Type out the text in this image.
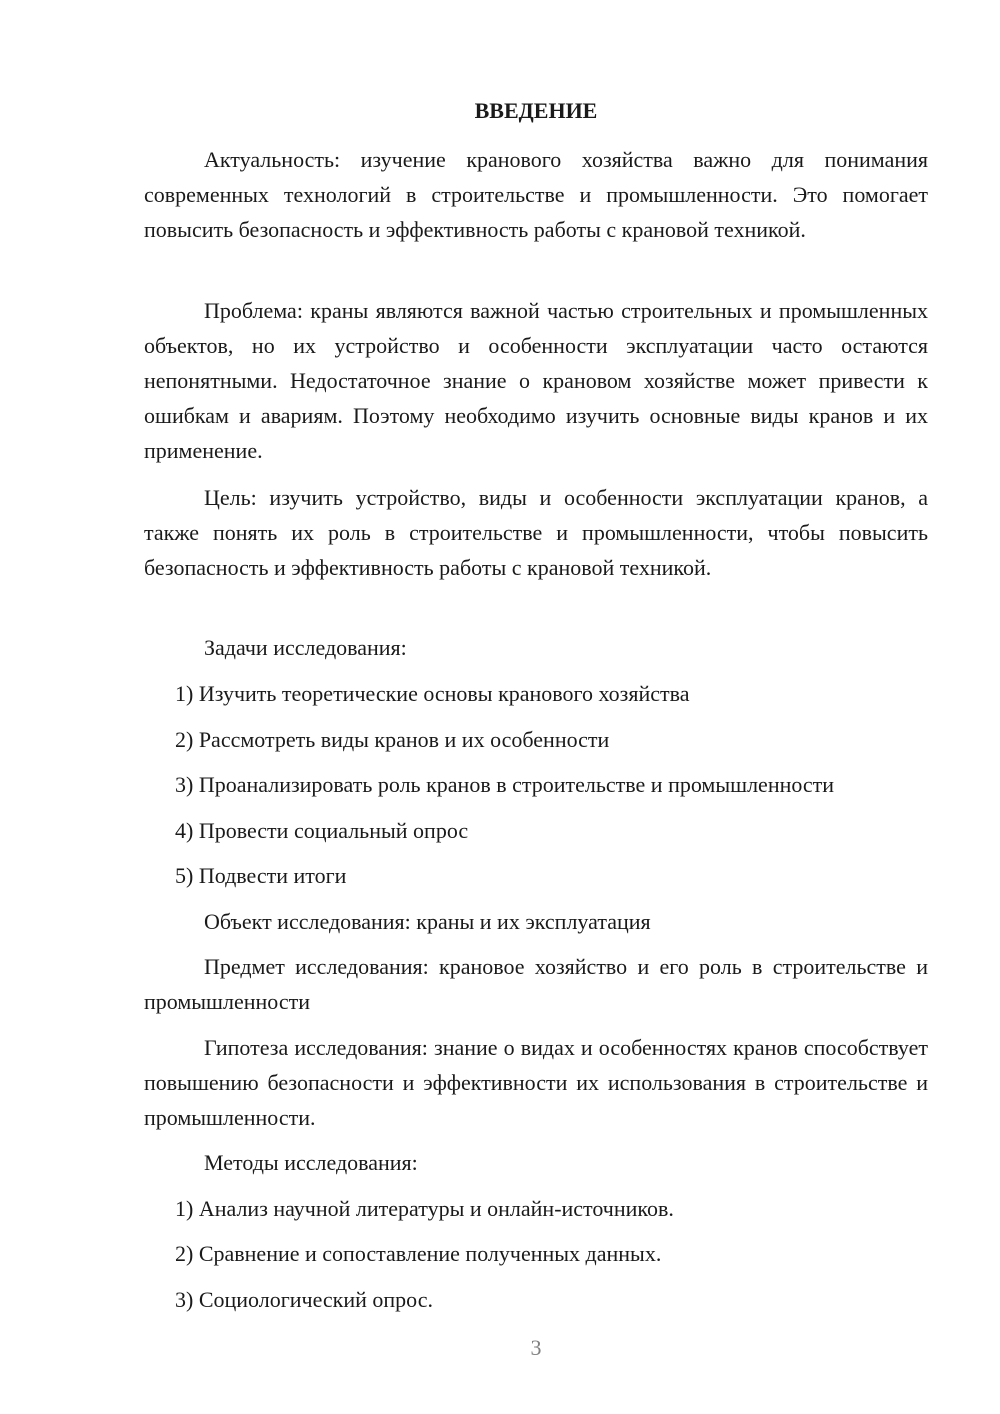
ВВЕДЕНИЕ

Актуальность: изучение кранового хозяйства важно для понимания современных технологий в строительстве и промышленности. Это помогает повысить безопасность и эффективность работы с крановой техникой.

Проблема: краны являются важной частью строительных и промышленных объектов, но их устройство и особенности эксплуатации часто остаются непонятными. Недостаточное знание о крановом хозяйстве может привести к ошибкам и авариям. Поэтому необходимо изучить основные виды кранов и их применение.

Цель: изучить устройство, виды и особенности эксплуатации кранов, а также понять их роль в строительстве и промышленности, чтобы повысить безопасность и эффективность работы с крановой техникой.

Задачи исследования:

1) Изучить теоретические основы кранового хозяйства

2) Рассмотреть виды кранов и их особенности

3) Проанализировать роль кранов в строительстве и промышленности

4) Провести социальный опрос

5) Подвести итоги

Объект исследования: краны и их эксплуатация

Предмет исследования: крановое хозяйство и его роль в строительстве и промышленности

Гипотеза исследования: знание о видах и особенностях кранов способствует повышению безопасности и эффективности их использования в строительстве и промышленности.

Методы исследования:

1) Анализ научной литературы и онлайн-источников.

2) Сравнение и сопоставление полученных данных.

3) Социологический опрос.

3
